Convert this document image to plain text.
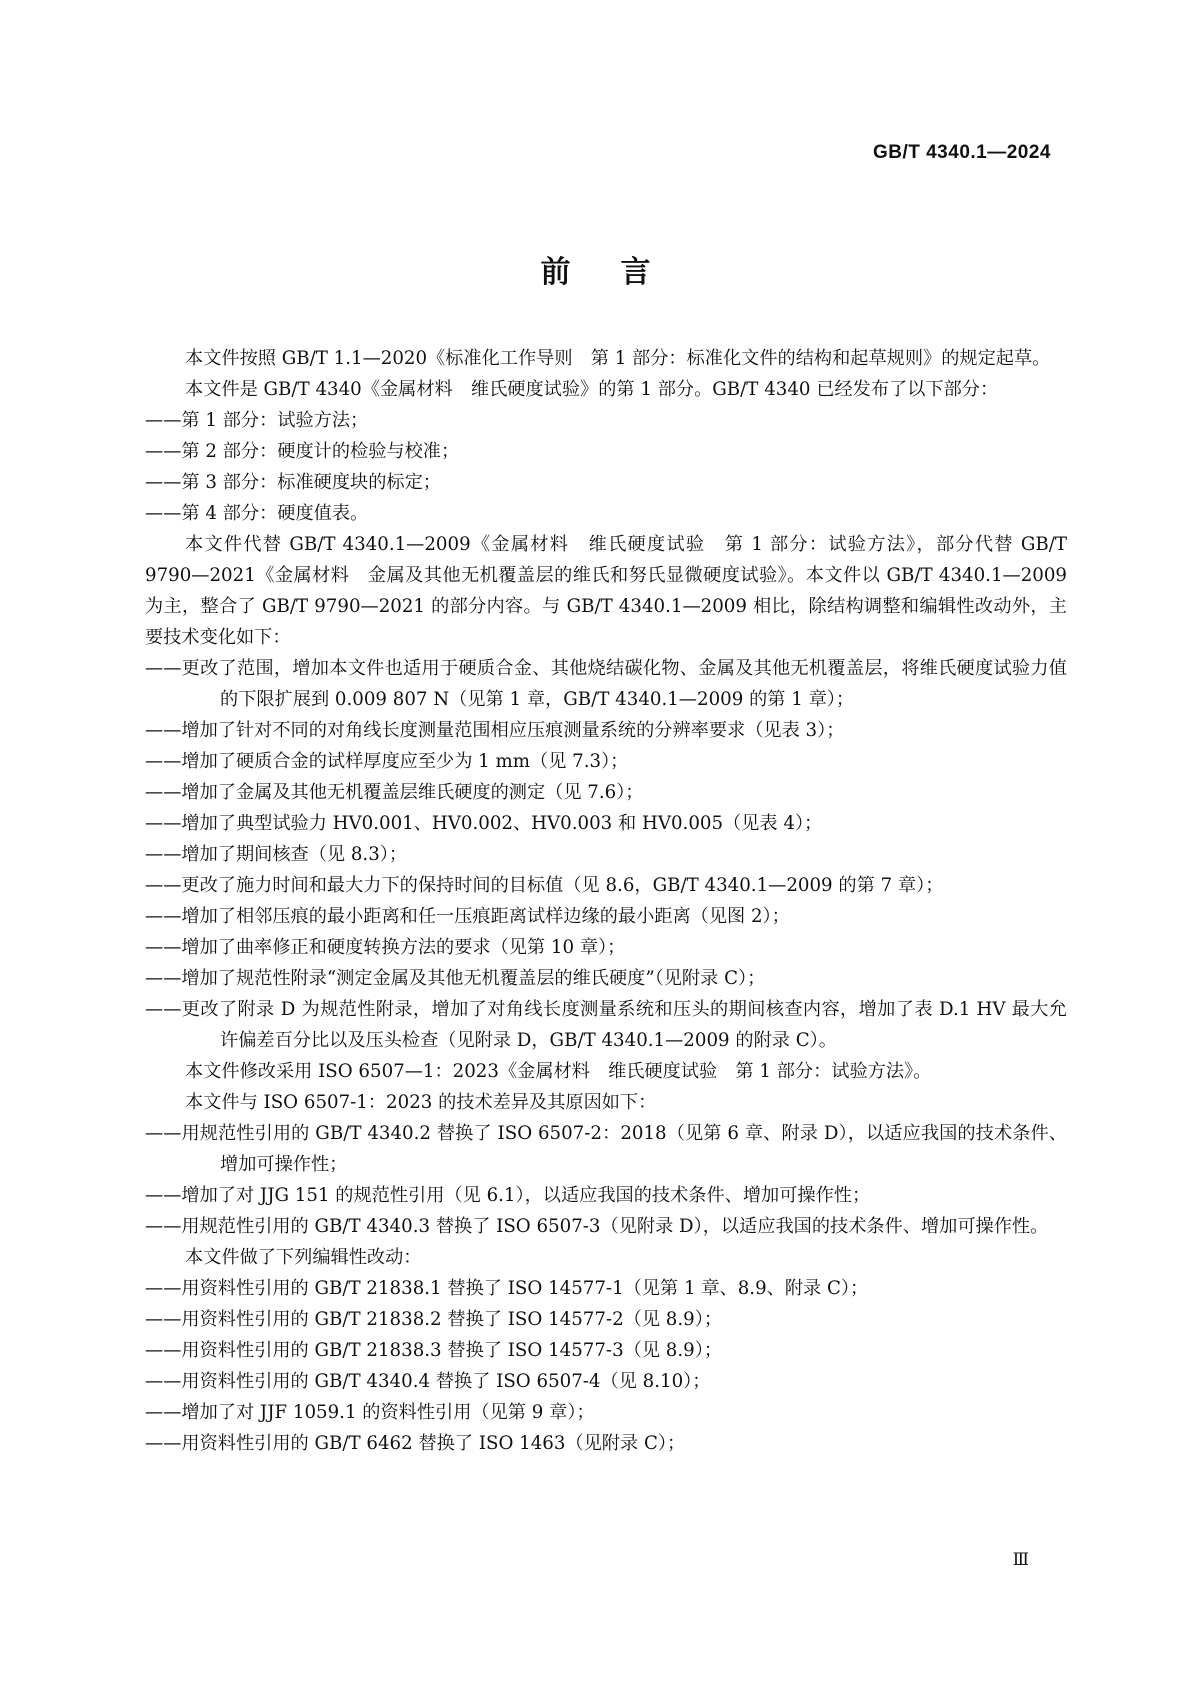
GB/T 4340.1—2024
前言

本文件按照 GB/T 1.1—2020《标准化工作导则　第 1 部分：标准化文件的结构和起草规则》的规定起草。

本文件是 GB/T 4340《金属材料　维氏硬度试验》的第 1 部分。GB/T 4340 已经发布了以下部分：

——第 1 部分：试验方法；

——第 2 部分：硬度计的检验与校准；

——第 3 部分：标准硬度块的标定；

——第 4 部分：硬度值表。

本文件代替 GB/T 4340.1—2009《金属材料　维氏硬度试验　第 1 部分：试验方法》，部分代替 GB/T 9790—2021《金属材料　金属及其他无机覆盖层的维氏和努氏显微硬度试验》。本文件以 GB/T 4340.1—2009 为主，整合了 GB/T 9790—2021 的部分内容。与 GB/T 4340.1—2009 相比，除结构调整和编辑性改动外，主要技术变化如下：

——更改了范围，增加本文件也适用于硬质合金、其他烧结碳化物、金属及其他无机覆盖层，将维氏硬度试验力值的下限扩展到 0.009 807 N（见第 1 章，GB/T 4340.1—2009 的第 1 章）；

——增加了针对不同的对角线长度测量范围相应压痕测量系统的分辨率要求（见表 3）；

——增加了硬质合金的试样厚度应至少为 1 mm（见 7.3）；

——增加了金属及其他无机覆盖层维氏硬度的测定（见 7.6）；

——增加了典型试验力 HV0.001、HV0.002、HV0.003 和 HV0.005（见表 4）；

——增加了期间核查（见 8.3）；

——更改了施力时间和最大力下的保持时间的目标值（见 8.6，GB/T 4340.1—2009 的第 7 章）；

——增加了相邻压痕的最小距离和任一压痕距离试样边缘的最小距离（见图 2）；

——增加了曲率修正和硬度转换方法的要求（见第 10 章）；

——增加了规范性附录“测定金属及其他无机覆盖层的维氏硬度”（见附录 C）；

——更改了附录 D 为规范性附录，增加了对角线长度测量系统和压头的期间核查内容，增加了表 D.1 HV 最大允许偏差百分比以及压头检查（见附录 D，GB/T 4340.1—2009 的附录 C）。

本文件修改采用 ISO 6507—1：2023《金属材料　维氏硬度试验　第 1 部分：试验方法》。

本文件与 ISO 6507-1：2023 的技术差异及其原因如下：

——用规范性引用的 GB/T 4340.2 替换了 ISO 6507-2：2018（见第 6 章、附录 D），以适应我国的技术条件、增加可操作性；

——增加了对 JJG 151 的规范性引用（见 6.1），以适应我国的技术条件、增加可操作性；

——用规范性引用的 GB/T 4340.3 替换了 ISO 6507-3（见附录 D），以适应我国的技术条件、增加可操作性。

本文件做了下列编辑性改动：

——用资料性引用的 GB/T 21838.1 替换了 ISO 14577-1（见第 1 章、8.9、附录 C）；

——用资料性引用的 GB/T 21838.2 替换了 ISO 14577-2（见 8.9）；

——用资料性引用的 GB/T 21838.3 替换了 ISO 14577-3（见 8.9）；

——用资料性引用的 GB/T 4340.4 替换了 ISO 6507-4（见 8.10）；

——增加了对 JJF 1059.1 的资料性引用（见第 9 章）；

——用资料性引用的 GB/T 6462 替换了 ISO 1463（见附录 C）；

Ⅲ
